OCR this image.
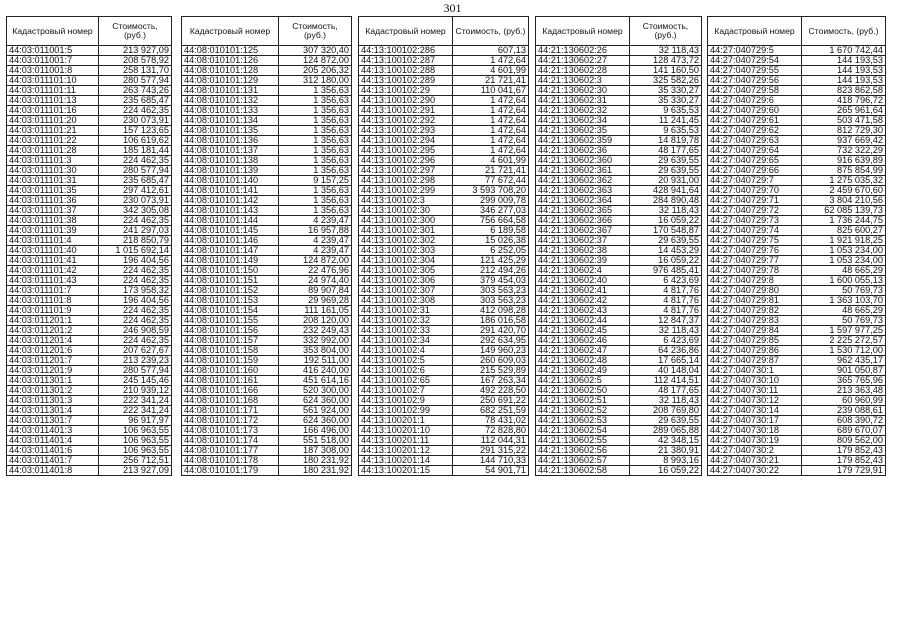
301
Кадастровый номер	Стоимость, (руб.)
44:03:011001:5	213 927,09
44:03:011001:7	208 578,92
44:03:011001:8	258 131,70
44:03:011101:10	280 577,94
44:03:011101:11	263 743,26
44:03:011101:13	235 685,47
44:03:011101:16	224 462,35
44:03:011101:20	230 073,91
44:03:011101:21	157 123,65
44:03:011101:22	106 619,62
44:03:011101:28	185 181,44
44:03:011101:3	224 462,35
44:03:011101:30	280 577,94
44:03:011101:31	235 685,47
44:03:011101:35	297 412,61
44:03:011101:36	230 073,91
44:03:011101:37	342 305,08
44:03:011101:38	224 462,35
44:03:011101:39	241 297,03
44:03:011101:4	218 850,79
44:03:011101:40	1 015 692,14
44:03:011101:41	196 404,56
44:03:011101:42	224 462,35
44:03:011101:43	224 462,35
44:03:011101:7	173 958,32
44:03:011101:8	196 404,56
44:03:011101:9	224 462,35
44:03:011201:1	224 462,35
44:03:011201:2	246 908,59
44:03:011201:4	224 462,35
44:03:011201:6	207 627,67
44:03:011201:7	213 239,23
44:03:011201:9	280 577,94
44:03:011301:1	245 145,46
44:03:011301:2	210 939,12
44:03:011301:3	222 341,24
44:03:011301:4	222 341,24
44:03:011301:7	96 917,97
44:03:011401:3	106 963,55
44:03:011401:4	106 963,55
44:03:011401:6	106 963,55
44:03:011401:7	256 712,51
44:03:011401:8	213 927,09
Кадастровый номер	Стоимость, (руб.)
44:08:010101:125	307 320,40
44:08:010101:126	124 872,00
44:08:010101:128	205 206,32
44:08:010101:129	312 180,00
44:08:010101:131	1 356,63
44:08:010101:132	1 356,63
44:08:010101:133	1 356,63
44:08:010101:134	1 356,63
44:08:010101:135	1 356,63
44:08:010101:136	1 356,63
44:08:010101:137	1 356,63
44:08:010101:138	1 356,63
44:08:010101:139	1 356,63
44:08:010101:140	9 157,25
44:08:010101:141	1 356,63
44:08:010101:142	1 356,63
44:08:010101:143	1 356,63
44:08:010101:144	4 239,47
44:08:010101:145	16 957,88
44:08:010101:146	4 239,47
44:08:010101:147	4 239,47
44:08:010101:149	124 872,00
44:08:010101:150	22 476,96
44:08:010101:151	24 974,40
44:08:010101:152	89 907,84
44:08:010101:153	29 969,28
44:08:010101:154	111 161,05
44:08:010101:155	208 120,00
44:08:010101:156	232 249,43
44:08:010101:157	332 992,00
44:08:010101:158	353 804,00
44:08:010101:159	192 511,00
44:08:010101:160	416 240,00
44:08:010101:161	451 614,16
44:08:010101:166	520 300,00
44:08:010101:168	624 360,00
44:08:010101:171	561 924,00
44:08:010101:172	624 360,00
44:08:010101:173	166 496,00
44:08:010101:174	551 518,00
44:08:010101:177	187 308,00
44:08:010101:178	180 231,92
44:08:010101:179	180 231,92
Кадастровый номер	Стоимость, (руб.)
44:13:100102:286	607,13
44:13:100102:287	1 472,64
44:13:100102:288	4 601,99
44:13:100102:289	21 721,41
44:13:100102:29	110 041,67
44:13:100102:290	1 472,64
44:13:100102:291	1 472,64
44:13:100102:292	1 472,64
44:13:100102:293	1 472,64
44:13:100102:294	1 472,64
44:13:100102:295	1 472,64
44:13:100102:296	4 601,99
44:13:100102:297	21 721,41
44:13:100102:298	77 672,44
44:13:100102:299	3 593 708,20
44:13:100102:3	299 009,78
44:13:100102:30	346 277,03
44:13:100102:300	756 664,58
44:13:100102:301	6 189,58
44:13:100102:302	15 026,38
44:13:100102:303	6 252,05
44:13:100102:304	121 425,29
44:13:100102:305	212 494,26
44:13:100102:306	379 454,03
44:13:100102:307	303 563,23
44:13:100102:308	303 563,23
44:13:100102:31	412 098,28
44:13:100102:32	186 016,58
44:13:100102:33	291 420,70
44:13:100102:34	292 634,95
44:13:100102:4	149 960,23
44:13:100102:5	260 609,03
44:13:100102:6	215 529,89
44:13:100102:65	167 263,34
44:13:100102:7	492 228,50
44:13:100102:9	250 691,22
44:13:100102:99	682 251,59
44:13:100201:1	78 431,02
44:13:100201:10	72 828,80
44:13:100201:11	112 044,31
44:13:100201:12	291 315,22
44:13:100201:14	144 710,33
44:13:100201:15	54 901,71
Кадастровый номер	Стоимость, (руб.)
44:21:130602:26	32 118,43
44:21:130602:27	128 473,72
44:21:130602:28	141 160,50
44:21:130602:3	325 582,26
44:21:130602:30	35 330,27
44:21:130602:31	35 330,27
44:21:130602:32	9 635,53
44:21:130602:34	11 241,45
44:21:130602:35	9 635,53
44:21:130602:359	14 819,78
44:21:130602:36	48 177,65
44:21:130602:360	29 639,55
44:21:130602:361	29 639,55
44:21:130602:362	20 931,00
44:21:130602:363	428 941,64
44:21:130602:364	284 890,48
44:21:130602:365	32 118,43
44:21:130602:366	16 059,22
44:21:130602:367	170 548,87
44:21:130602:37	29 639,55
44:21:130602:38	14 453,29
44:21:130602:39	16 059,22
44:21:130602:4	976 485,41
44:21:130602:40	6 423,69
44:21:130602:41	4 817,76
44:21:130602:42	4 817,76
44:21:130602:43	4 817,76
44:21:130602:44	12 847,37
44:21:130602:45	32 118,43
44:21:130602:46	6 423,69
44:21:130602:47	64 236,86
44:21:130602:48	17 665,14
44:21:130602:49	40 148,04
44:21:130602:5	112 414,51
44:21:130602:50	48 177,65
44:21:130602:51	32 118,43
44:21:130602:52	208 769,80
44:21:130602:53	29 639,55
44:21:130602:54	289 065,88
44:21:130602:55	42 348,15
44:21:130602:56	21 380,91
44:21:130602:57	8 993,16
44:21:130602:58	16 059,22
Кадастровый номер	Стоимость, (руб.)
44:27:040729:5	1 670 742,44
44:27:040729:54	144 193,53
44:27:040729:55	144 193,53
44:27:040729:56	144 193,53
44:27:040729:58	823 862,58
44:27:040729:6	418 796,72
44:27:040729:60	265 961,64
44:27:040729:61	503 471,58
44:27:040729:62	812 729,30
44:27:040729:63	937 669,42
44:27:040729:64	732 322,29
44:27:040729:65	916 639,89
44:27:040729:66	875 854,99
44:27:040729:7	1 275 035,32
44:27:040729:70	2 459 670,60
44:27:040729:71	3 804 210,56
44:27:040729:72	62 085 139,73
44:27:040729:73	1 736 244,75
44:27:040729:74	825 600,27
44:27:040729:75	1 921 918,25
44:27:040729:76	1 053 234,00
44:27:040729:77	1 053 234,00
44:27:040729:78	48 665,29
44:27:040729:8	1 600 055,13
44:27:040729:80	50 769,73
44:27:040729:81	1 363 103,70
44:27:040729:82	48 665,29
44:27:040729:83	50 769,73
44:27:040729:84	1 597 977,25
44:27:040729:85	2 225 272,57
44:27:040729:86	1 530 712,00
44:27:040729:87	962 435,17
44:27:040730:1	901 050,87
44:27:040730:10	365 765,96
44:27:040730:11	213 363,48
44:27:040730:12	60 960,99
44:27:040730:14	239 088,61
44:27:040730:17	608 390,72
44:27:040730:18	689 670,07
44:27:040730:19	809 562,00
44:27:040730:2	179 852,43
44:27:040730:21	179 852,43
44:27:040730:22	179 729,91
